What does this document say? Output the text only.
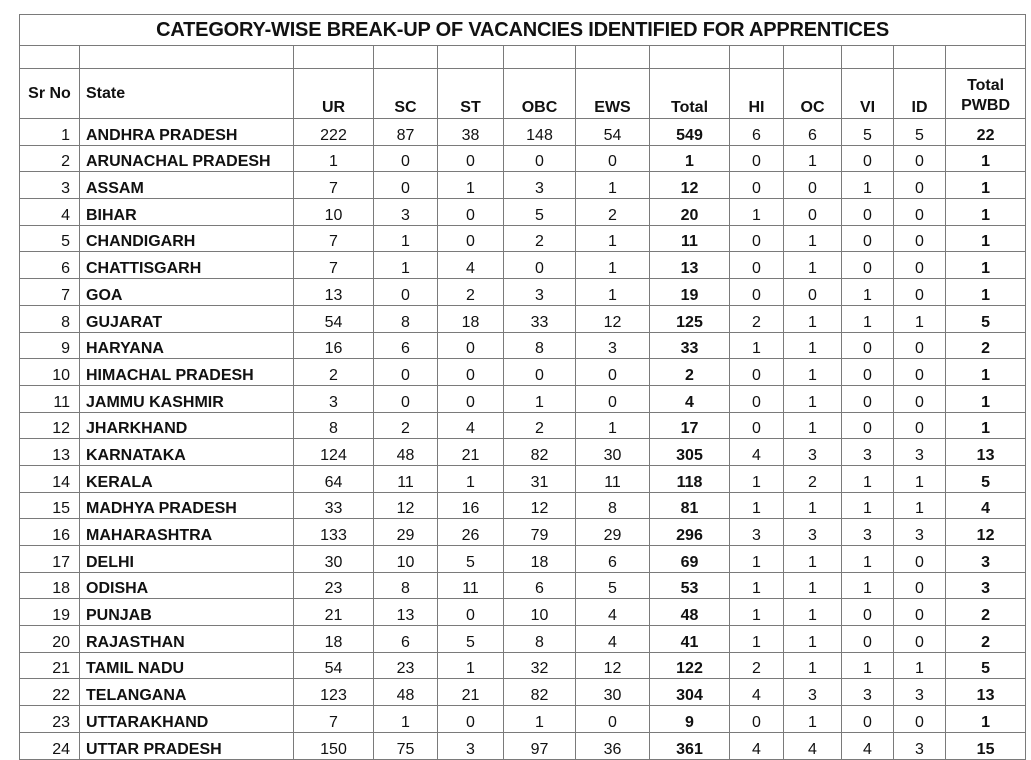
CATEGORY-WISE BREAK-UP OF VACANCIES IDENTIFIED FOR APPRENTICES												

Sr No	State	UR	SC	ST	OBC	EWS	Total	HI	OC	VI	ID	Total
PWBD
1	ANDHRA PRADESH	222	87	38	148	54	549	6	6	5	5	22
2	ARUNACHAL PRADESH	1	0	0	0	0	1	0	1	0	0	1
3	ASSAM	7	0	1	3	1	12	0	0	1	0	1
4	BIHAR	10	3	0	5	2	20	1	0	0	0	1
5	CHANDIGARH	7	1	0	2	1	11	0	1	0	0	1
6	CHATTISGARH	7	1	4	0	1	13	0	1	0	0	1
7	GOA	13	0	2	3	1	19	0	0	1	0	1
8	GUJARAT	54	8	18	33	12	125	2	1	1	1	5
9	HARYANA	16	6	0	8	3	33	1	1	0	0	2
10	HIMACHAL PRADESH	2	0	0	0	0	2	0	1	0	0	1
11	JAMMU KASHMIR	3	0	0	1	0	4	0	1	0	0	1
12	JHARKHAND	8	2	4	2	1	17	0	1	0	0	1
13	KARNATAKA	124	48	21	82	30	305	4	3	3	3	13
14	KERALA	64	11	1	31	11	118	1	2	1	1	5
15	MADHYA PRADESH	33	12	16	12	8	81	1	1	1	1	4
16	MAHARASHTRA	133	29	26	79	29	296	3	3	3	3	12
17	DELHI	30	10	5	18	6	69	1	1	1	0	3
18	ODISHA	23	8	11	6	5	53	1	1	1	0	3
19	PUNJAB	21	13	0	10	4	48	1	1	0	0	2
20	RAJASTHAN	18	6	5	8	4	41	1	1	0	0	2
21	TAMIL NADU	54	23	1	32	12	122	2	1	1	1	5
22	TELANGANA	123	48	21	82	30	304	4	3	3	3	13
23	UTTARAKHAND	7	1	0	1	0	9	0	1	0	0	1
24	UTTAR PRADESH	150	75	3	97	36	361	4	4	4	3	15
